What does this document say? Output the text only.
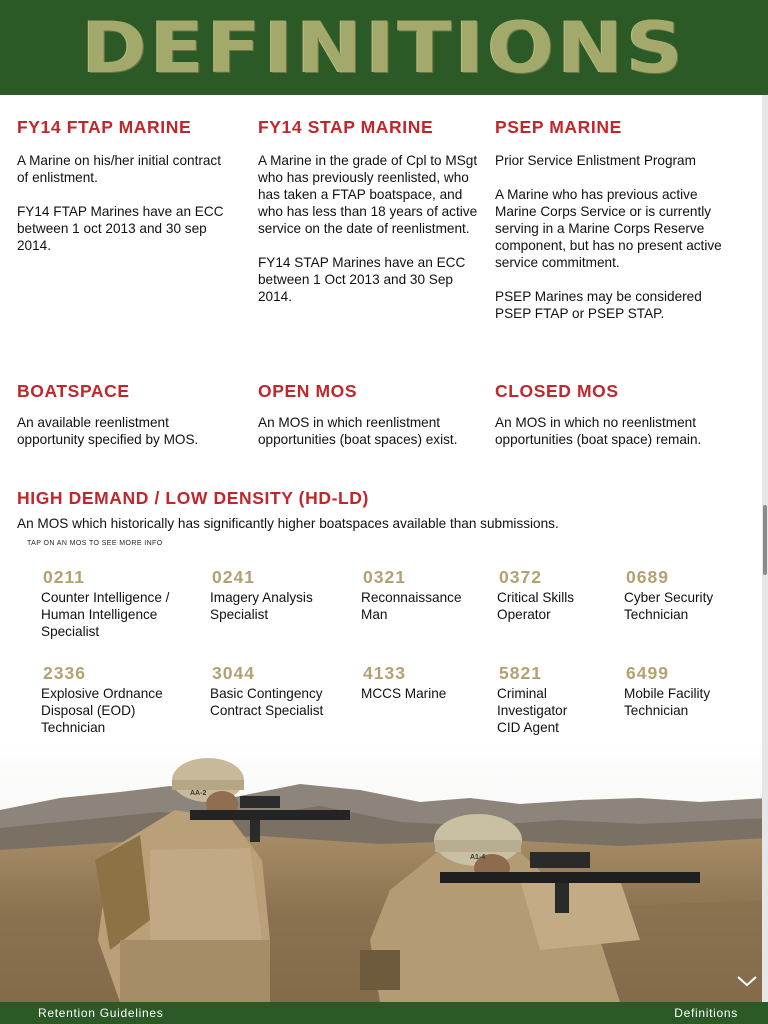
DEFINITIONS
FY14 FTAP MARINE

A Marine on his/her initial contract of enlistment.

FY14 FTAP Marines have an ECC between 1 oct 2013 and 30 sep 2014.

FY14 STAP MARINE

A Marine in the grade of Cpl to MSgt who has previously reenlisted, who has taken a FTAP boatspace, and who has less than 18 years of active service on the date of reenlistment.

FY14 STAP Marines have an ECC between 1 Oct 2013 and 30 Sep 2014.

PSEP MARINE

Prior Service Enlistment Program

A Marine who has previous active Marine Corps Service or is currently serving in a Marine Corps Reserve component, but has no present active service commitment.

PSEP Marines may be considered PSEP FTAP or PSEP STAP.

BOATSPACE

An available reenlistment opportunity specified by MOS.

OPEN MOS

An MOS in which reenlistment opportunities (boat spaces) exist.

CLOSED MOS

An MOS in which no reenlistment opportunities (boat space) remain.

HIGH DEMAND / LOW DENSITY (HD-LD)
An MOS which historically has significantly higher boatspaces available than submissions.
TAP ON AN MOS TO SEE MORE INFO
0211
Counter Intelligence / Human Intelligence Specialist
0241
Imagery Analysis Specialist
0321
Reconnaissance Man
0372
Critical Skills Operator
0689
Cyber Security Technician
2336
Explosive Ordnance Disposal (EOD) Technician
3044
Basic Contingency Contract Specialist
4133
MCCS Marine
5821
Criminal Investigator CID Agent
6499
Mobile Facility Technician
AA-2
A1-4
Retention Guidelines	Definitions
